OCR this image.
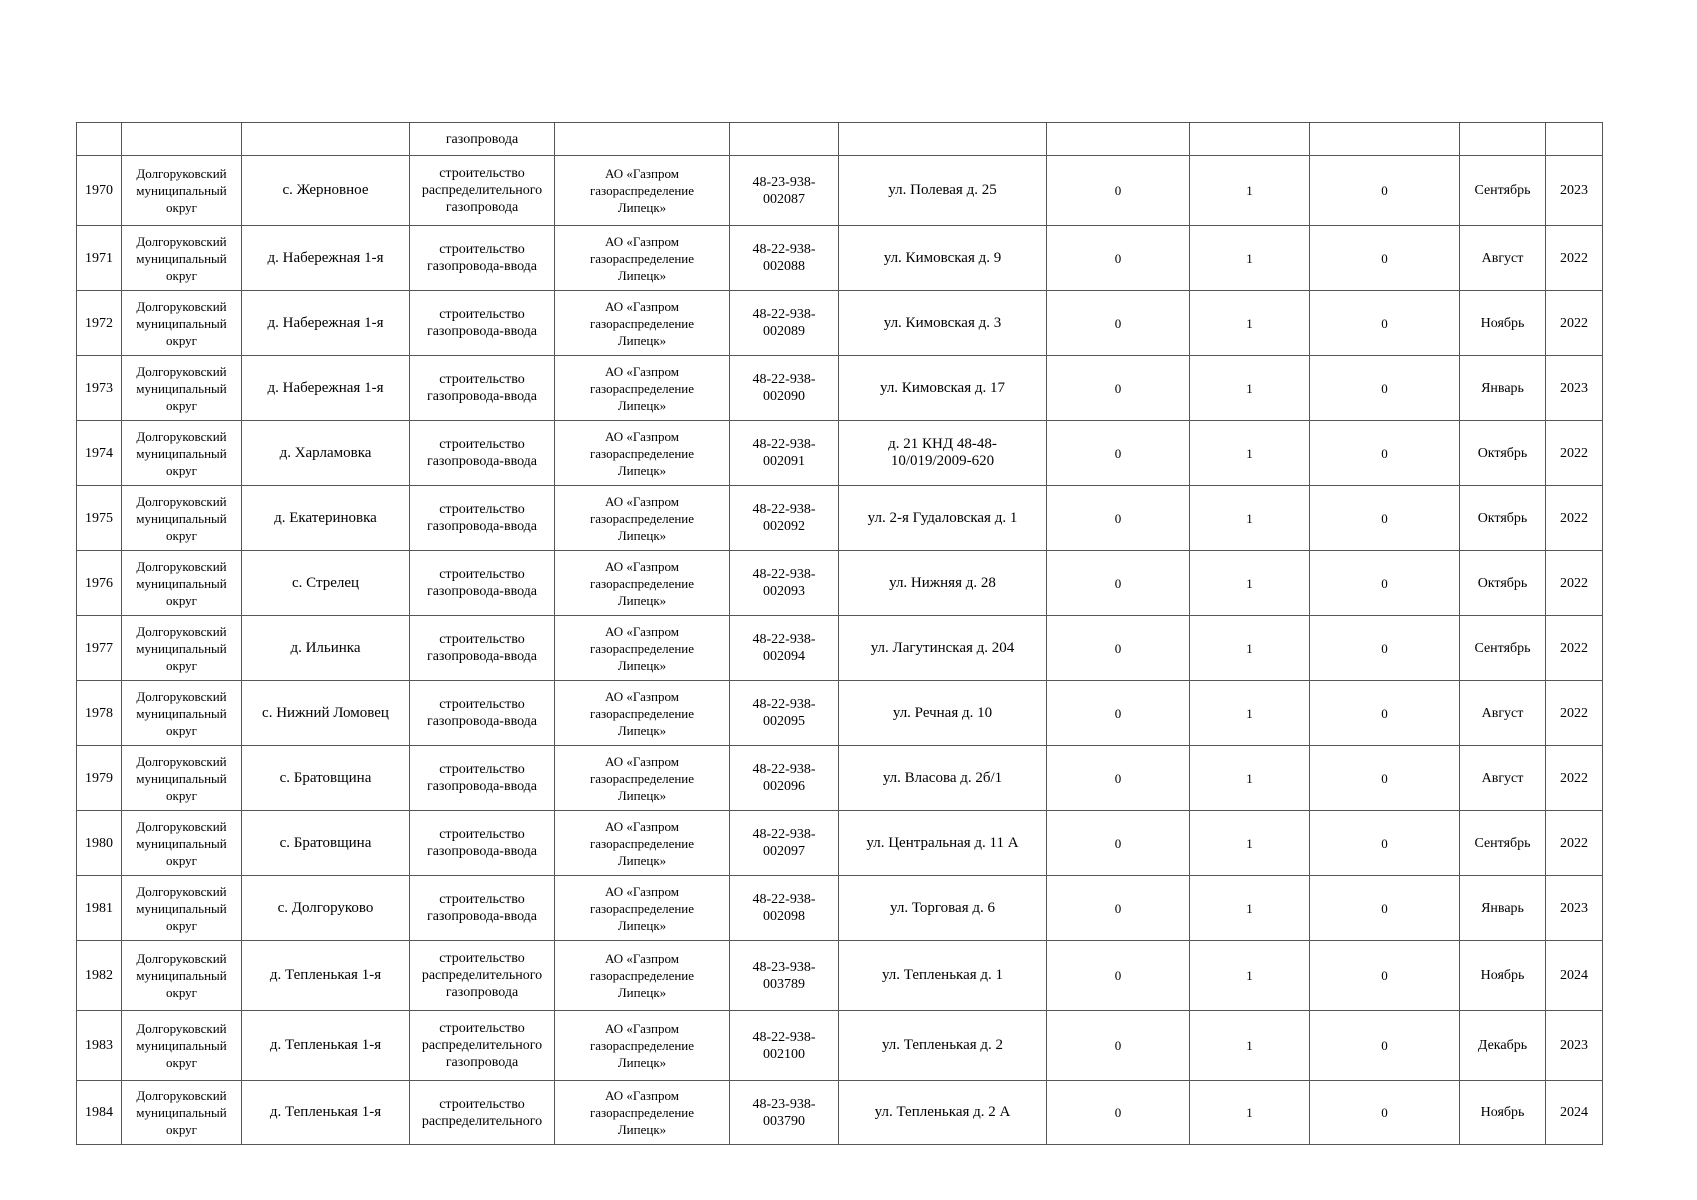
			газопровода								
1970	Долгоруковский
муниципальный
округ	с. Жерновное	строительство
распределительного
газопровода	АО «Газпром
газораспределение
Липецк»	48-23-938-
002087	ул. Полевая д. 25	0	1	0	Сентябрь	2023
1971	Долгоруковский
муниципальный
округ	д. Набережная 1-я	строительство
газопровода-ввода	АО «Газпром
газораспределение
Липецк»	48-22-938-
002088	ул. Кимовская д. 9	0	1	0	Август	2022
1972	Долгоруковский
муниципальный
округ	д. Набережная 1-я	строительство
газопровода-ввода	АО «Газпром
газораспределение
Липецк»	48-22-938-
002089	ул. Кимовская д. 3	0	1	0	Ноябрь	2022
1973	Долгоруковский
муниципальный
округ	д. Набережная 1-я	строительство
газопровода-ввода	АО «Газпром
газораспределение
Липецк»	48-22-938-
002090	ул. Кимовская д. 17	0	1	0	Январь	2023
1974	Долгоруковский
муниципальный
округ	д. Харламовка	строительство
газопровода-ввода	АО «Газпром
газораспределение
Липецк»	48-22-938-
002091	д. 21 КНД 48-48-
10/019/2009-620	0	1	0	Октябрь	2022
1975	Долгоруковский
муниципальный
округ	д. Екатериновка	строительство
газопровода-ввода	АО «Газпром
газораспределение
Липецк»	48-22-938-
002092	ул. 2-я Гудаловская д. 1	0	1	0	Октябрь	2022
1976	Долгоруковский
муниципальный
округ	с. Стрелец	строительство
газопровода-ввода	АО «Газпром
газораспределение
Липецк»	48-22-938-
002093	ул. Нижняя д. 28	0	1	0	Октябрь	2022
1977	Долгоруковский
муниципальный
округ	д. Ильинка	строительство
газопровода-ввода	АО «Газпром
газораспределение
Липецк»	48-22-938-
002094	ул. Лагутинская д. 204	0	1	0	Сентябрь	2022
1978	Долгоруковский
муниципальный
округ	с. Нижний Ломовец	строительство
газопровода-ввода	АО «Газпром
газораспределение
Липецк»	48-22-938-
002095	ул. Речная д. 10	0	1	0	Август	2022
1979	Долгоруковский
муниципальный
округ	с. Братовщина	строительство
газопровода-ввода	АО «Газпром
газораспределение
Липецк»	48-22-938-
002096	ул. Власова д. 2б/1	0	1	0	Август	2022
1980	Долгоруковский
муниципальный
округ	с. Братовщина	строительство
газопровода-ввода	АО «Газпром
газораспределение
Липецк»	48-22-938-
002097	ул. Центральная д. 11 А	0	1	0	Сентябрь	2022
1981	Долгоруковский
муниципальный
округ	с. Долгоруково	строительство
газопровода-ввода	АО «Газпром
газораспределение
Липецк»	48-22-938-
002098	ул. Торговая д. 6	0	1	0	Январь	2023
1982	Долгоруковский
муниципальный
округ	д. Тепленькая 1-я	строительство
распределительного
газопровода	АО «Газпром
газораспределение
Липецк»	48-23-938-
003789	ул. Тепленькая д. 1	0	1	0	Ноябрь	2024
1983	Долгоруковский
муниципальный
округ	д. Тепленькая 1-я	строительство
распределительного
газопровода	АО «Газпром
газораспределение
Липецк»	48-22-938-
002100	ул. Тепленькая д. 2	0	1	0	Декабрь	2023
1984	Долгоруковский
муниципальный
округ	д. Тепленькая 1-я	строительство
распределительного	АО «Газпром
газораспределение
Липецк»	48-23-938-
003790	ул. Тепленькая д. 2 А	0	1	0	Ноябрь	2024
